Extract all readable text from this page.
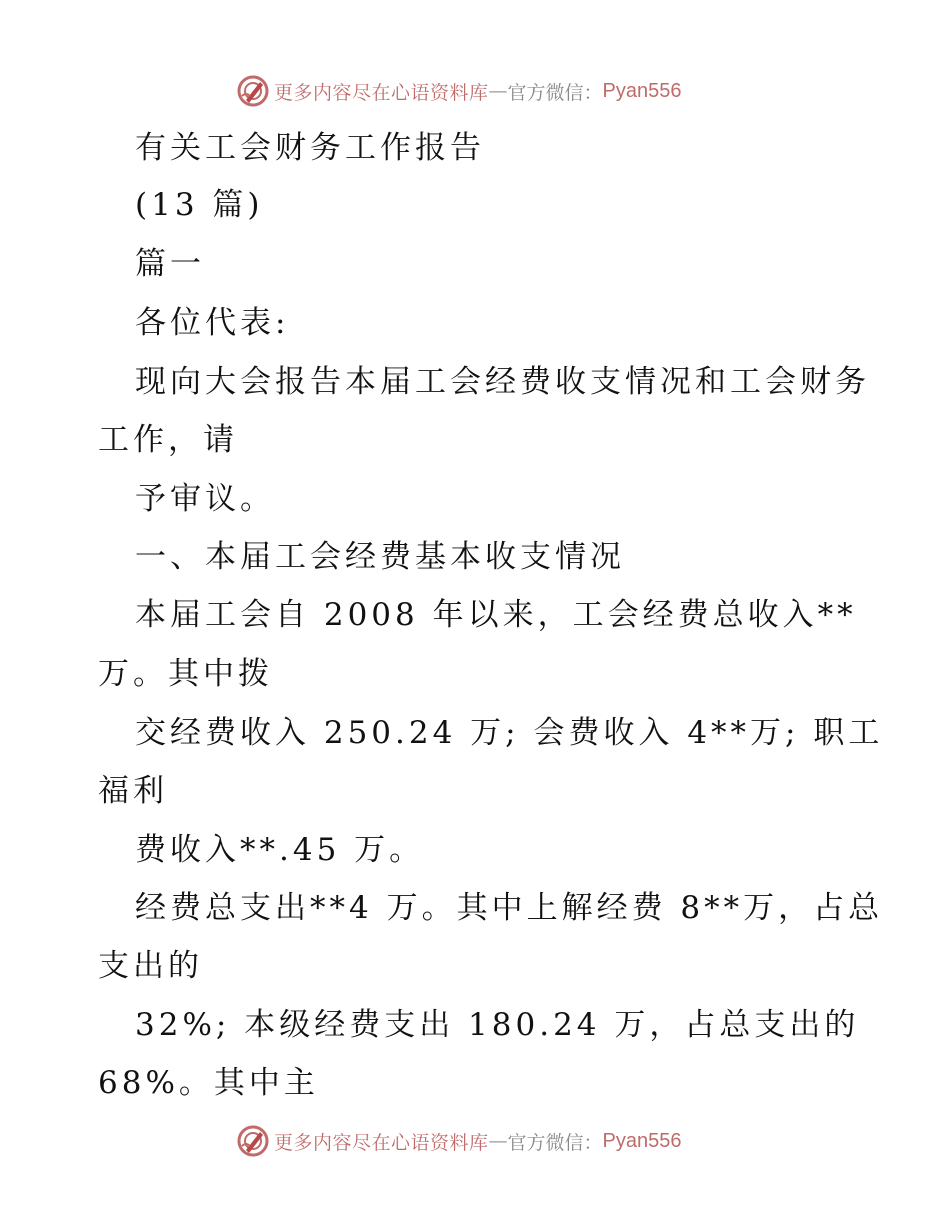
更多内容尽在心语资料库 — 官方微信： Pyan556
有关工会财务工作报告
(13 篇)
篇一
各位代表:
现向大会报告本届工会经费收支情况和工会财务
工作，请
予审议。
一、本届工会经费基本收支情况
本届工会自 2008 年以来，工会经费总收入**
万。其中拨
交经费收入 250.24 万; 会费收入 4**万; 职工
福利
费收入**.45 万。
经费总支出**4 万。其中上解经费 8**万，占总
支出的
32%; 本级经费支出 180.24 万，占总支出的
68%。其中主
更多内容尽在心语资料库 — 官方微信： Pyan556
